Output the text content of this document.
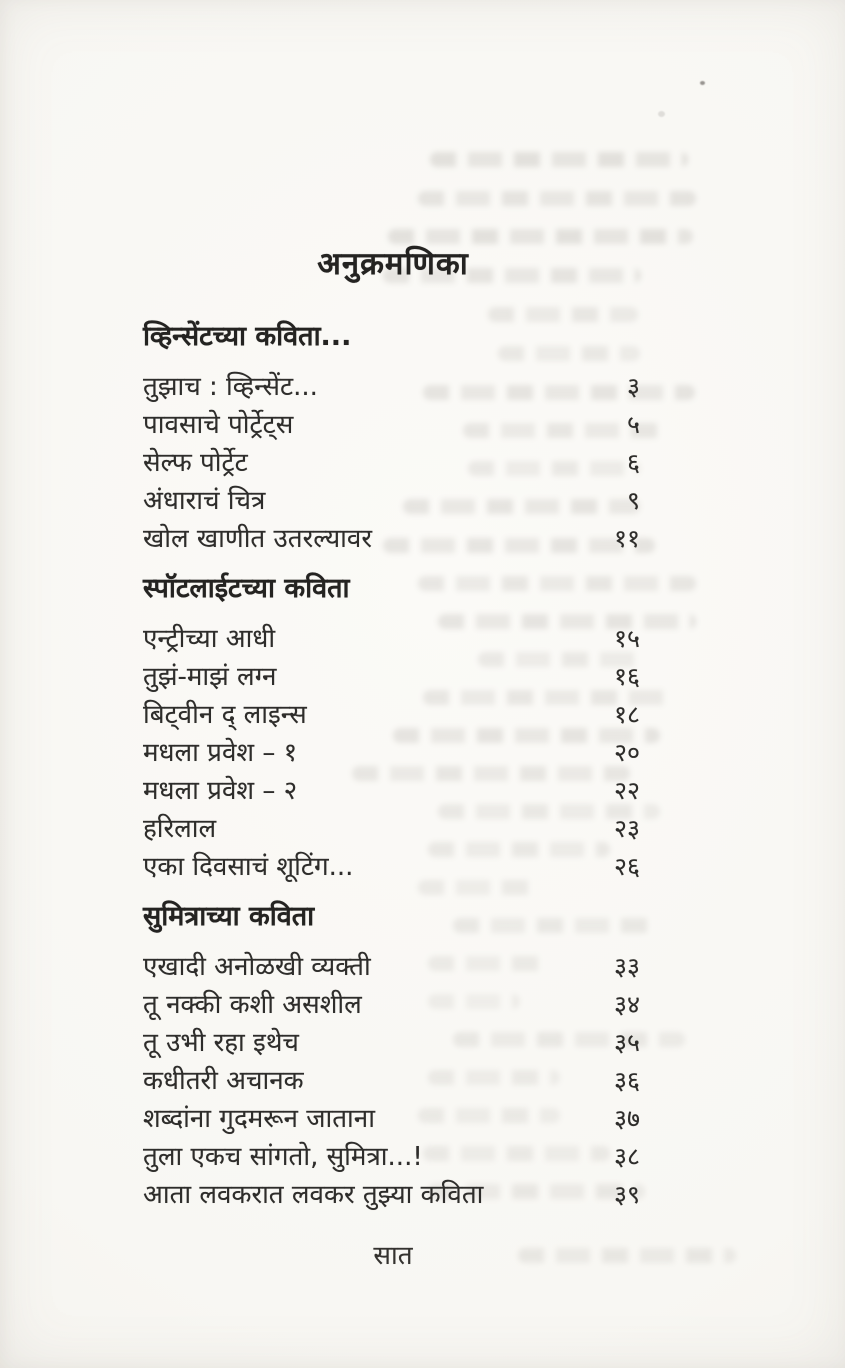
अनुक्रमणिका
व्हिन्सेंटच्या कविता...
तुझाच : व्हिन्सेंट...	३
पावसाचे पोर्ट्रेट्स	५
सेल्फ पोर्ट्रेट	६
अंधाराचं चित्र	९
खोल खाणीत उतरल्यावर	११
स्पॉटलाईटच्या कविता
एन्ट्रीच्या आधी	१५
तुझं-माझं लग्न	१६
बिट्वीन द् लाइन्स	१८
मधला प्रवेश – १	२०
मधला प्रवेश – २	२२
हरिलाल	२३
एका दिवसाचं शूटिंग...	२६
सुमित्राच्या कविता
एखादी अनोळखी व्यक्ती	३३
तू नक्की कशी असशील	३४
तू उभी रहा इथेच	३५
कधीतरी अचानक	३६
शब्दांना गुदमरून जाताना	३७
तुला एकच सांगतो, सुमित्रा...!	३८
आता लवकरात लवकर तुझ्या कविता	३९
सात
